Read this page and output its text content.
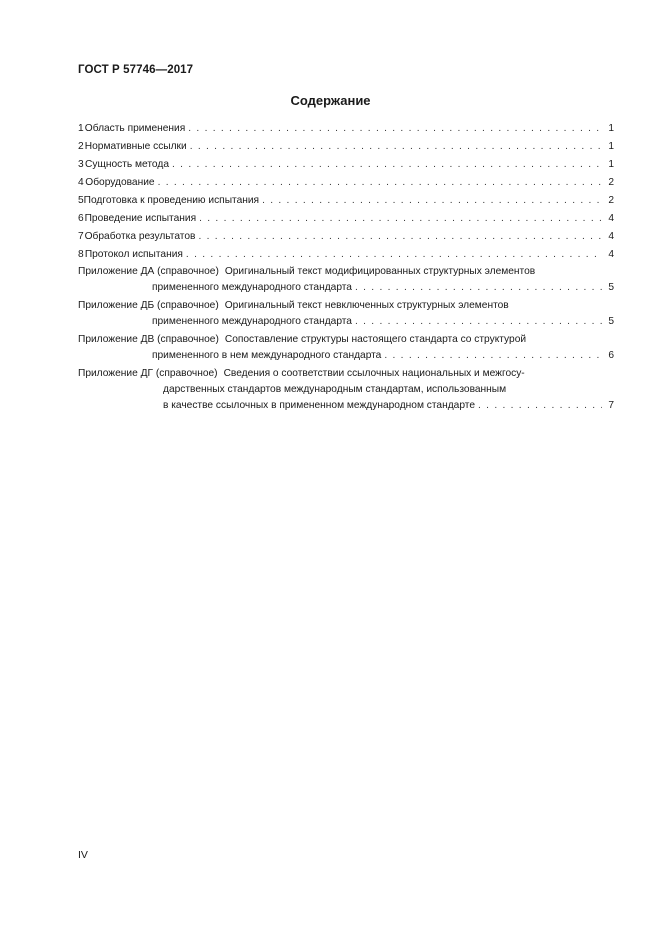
ГОСТ Р 57746—2017
Содержание
1 Область применения . . .	1
2 Нормативные ссылки . . .	1
3 Сущность метода . . .	1
4 Оборудование . . .	2
5 Подготовка к проведению испытания . . .	2
6 Проведение испытания . . .	4
7 Обработка результатов . . .	4
8 Протокол испытания . . .	4
Приложение ДА (справочное) Оригинальный текст модифицированных структурных элементов
примененного международного стандарта . . .	5
Приложение ДБ (справочное) Оригинальный текст невключенных структурных элементов
примененного международного стандарта . . .	5
Приложение ДВ (справочное) Сопоставление структуры настоящего стандарта со структурой
примененного в нем международного стандарта . . .	6
Приложение ДГ (справочное) Сведения о соответствии ссылочных национальных и межгосу-
дарственных стандартов международным стандартам, использованным
в качестве ссылочных в примененном международном стандарте . . .	7
IV
